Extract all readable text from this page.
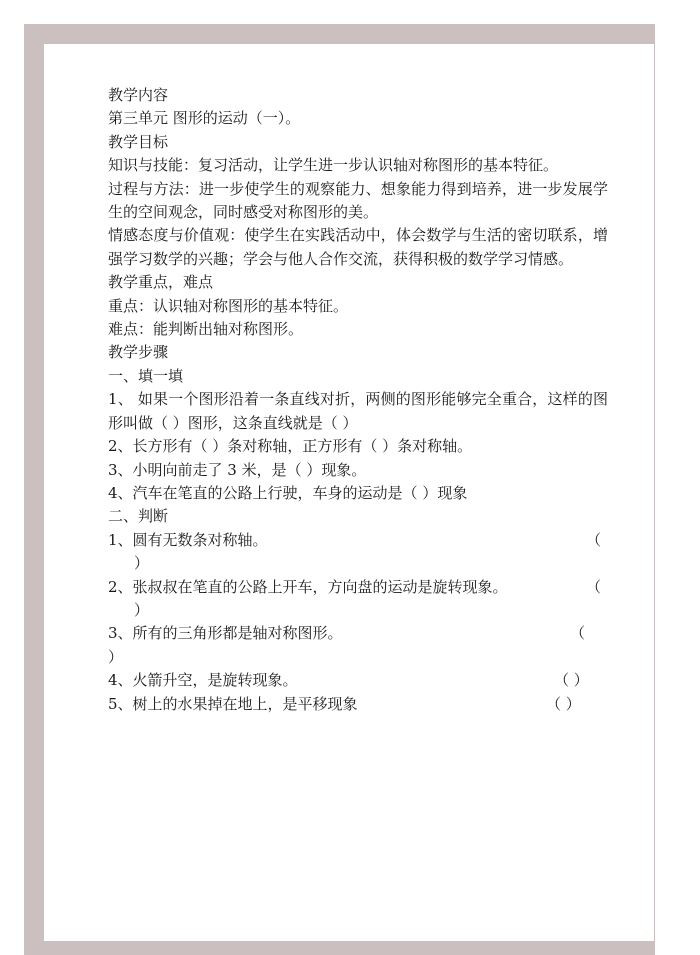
教学内容
第三单元 图形的运动（一）。
教学目标
知识与技能：复习活动，让学生进一步认识轴对称图形的基本特征。
过程与方法：进一步使学生的观察能力、想象能力得到培养，进一步发展学生的空间观念，同时感受对称图形的美。
情感态度与价值观：使学生在实践活动中，体会数学与生活的密切联系，增强学习数学的兴趣；学会与他人合作交流，获得积极的数学学习情感。
教学重点，难点
重点：认识轴对称图形的基本特征。
难点：能判断出轴对称图形。
教学步骤
一、填一填
1、 如果一个图形沿着一条直线对折，两侧的图形能够完全重合，这样的图形叫做（ ）图形，这条直线就是（ ）
2、长方形有（ ）条对称轴，正方形有（ ）条对称轴。
3、小明向前走了 3 米，是（ ）现象。
4、汽车在笔直的公路上行驶，车身的运动是（ ）现象
二、判断
1、圆有无数条对称轴。	（
）
2、张叔叔在笔直的公路上开车，方向盘的运动是旋转现象。	（
）
3、所有的三角形都是轴对称图形。	（
）
4、火箭升空，是旋转现象。	（ ）
5、树上的水果掉在地上，是平移现象	（ ）
